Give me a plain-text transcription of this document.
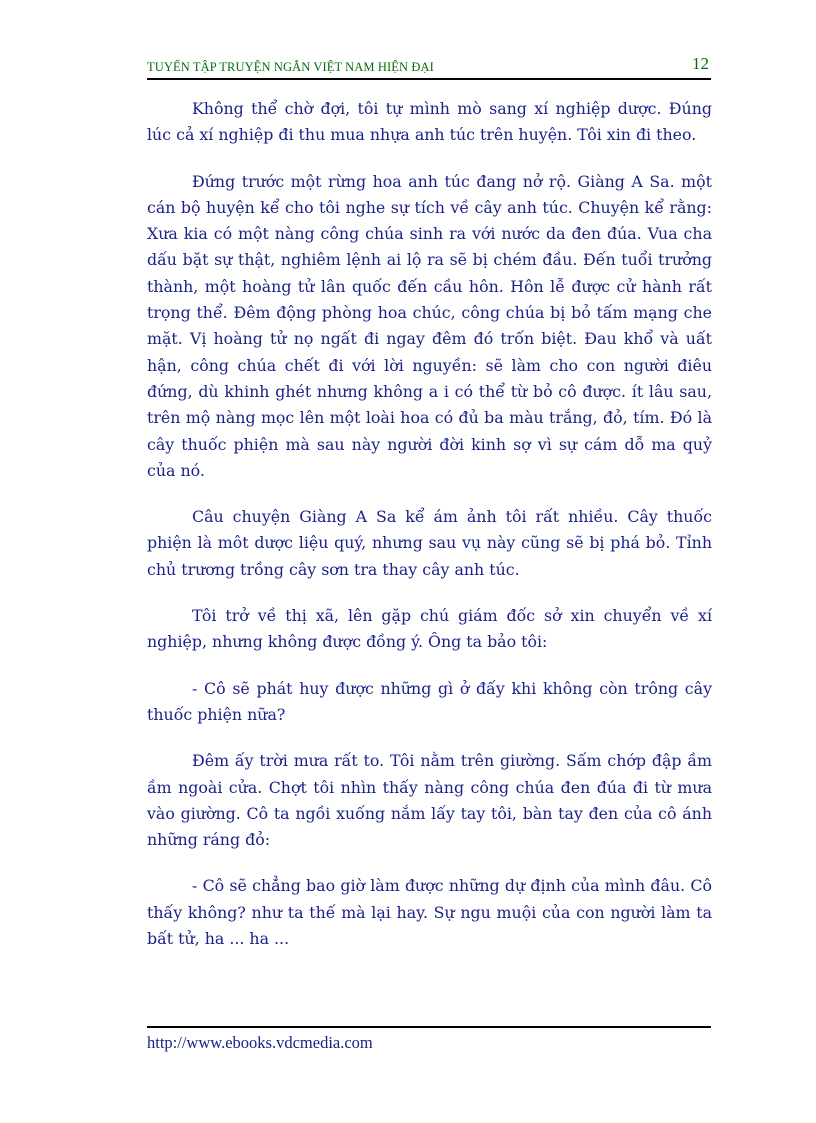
TUYỂN TẬP TRUYỆN NGẮN VIỆT NAM HIỆN ĐẠI	12

Không thể chờ đợi, tôi tự mình mò sang xí nghiệp dược. Đúng lúc cả xí nghiệp đi thu mua nhựa anh túc trên huyện. Tôi xin đi theo.

Đứng trước một rừng hoa anh túc đang nở rộ. Giàng A Sa. một cán bộ huyện kể cho tôi nghe sự tích về cây anh túc. Chuyện kể rằng: Xưa kia có một nàng công chúa sinh ra với nước da đen đúa. Vua cha dấu bặt sự thật, nghiêm lệnh ai lộ ra sẽ bị chém đầu. Đến tuổi trưởng thành, một hoàng tử lân quốc đến cầu hôn. Hôn lễ được cử hành rất trọng thể. Đêm động phòng hoa chúc, công chúa bị bỏ tấm mạng che mặt. Vị hoàng tử nọ ngất đi ngay đêm đó trốn biệt. Đau khổ và uất hận, công chúa chết đi với lời nguyền: sẽ làm cho con người điêu đứng, dù khinh ghét nhưng không a i có thể từ bỏ cô được. ít lâu sau, trên mộ nàng mọc lên một loài hoa có đủ ba màu trắng, đỏ, tím. Đó là cây thuốc phiện mà sau này người đời kinh sợ vì sự cám dỗ ma quỷ của nó.

Câu chuyện Giàng A Sa kể ám ảnh tôi rất nhiều. Cây thuốc phiện là môt dược liệu quý, nhưng sau vụ này cũng sẽ bị phá bỏ. Tỉnh chủ trương trồng cây sơn tra thay cây anh túc.

Tôi trở về thị xã, lên gặp chú giám đốc sở xin chuyển về xí nghiệp, nhưng không được đồng ý. Ông ta bảo tôi:

- Cô sẽ phát huy được những gì ở đấy khi không còn trông cây thuốc phiện nữa?

Đêm ấy trời mưa rất to. Tôi nằm trên giường. Sấm chớp đập ầm ầm ngoài cửa. Chợt tôi nhìn thấy nàng công chúa đen đúa đi từ mưa vào giường. Cô ta ngồi xuống nắm lấy tay tôi, bàn tay đen của cô ánh những ráng đỏ:

- Cô sẽ chẳng bao giờ làm được những dự định của mình đâu. Cô thấy không? như ta thế mà lại hay. Sự ngu muội của con người làm ta bất tử, ha ... ha ...

http://www.ebooks.vdcmedia.com
